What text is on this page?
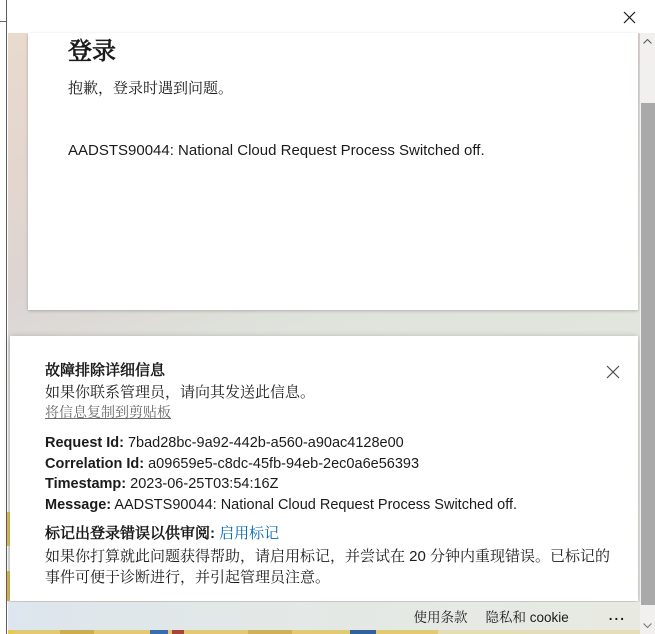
登录
抱歉，登录时遇到问题。
AADSTS90044: National Cloud Request Process Switched off.
故障排除详细信息
如果你联系管理员，请向其发送此信息。
将信息复制到剪贴板
Request Id: 7bad28bc-9a92-442b-a560-a90ac4128e00
Correlation Id: a09659e5-c8dc-45fb-94eb-2ec0a6e56393
Timestamp: 2023-06-25T03:54:16Z
Message: AADSTS90044: National Cloud Request Process Switched off.
标记出登录错误以供审阅: 启用标记
如果你打算就此问题获得帮助，请启用标记，并尝试在 20 分钟内重现错误。已标记的事件可便于诊断进行，并引起管理员注意。
使用条款 隐私和 cookie	...
